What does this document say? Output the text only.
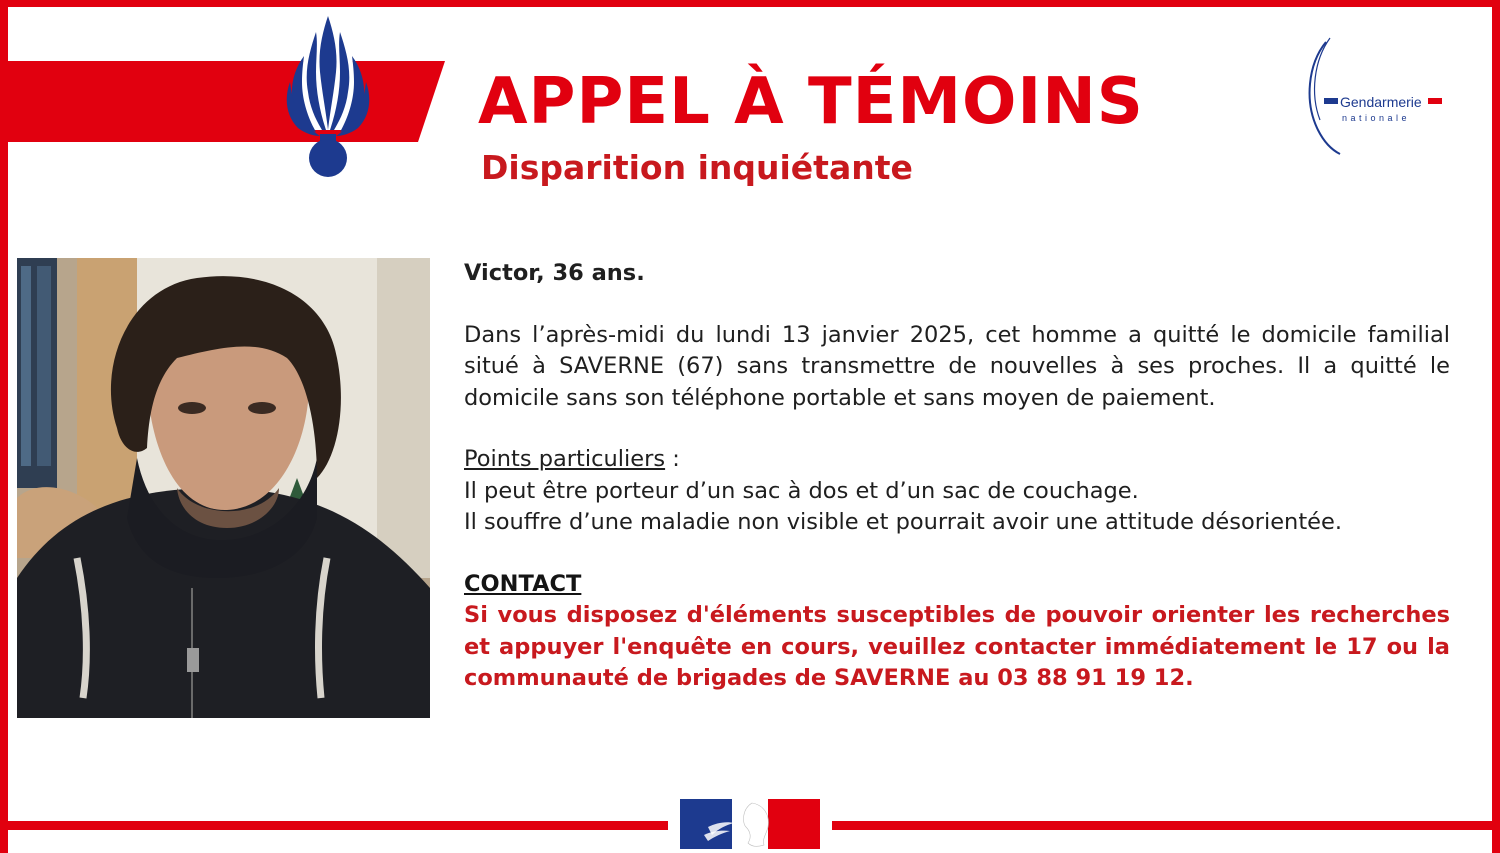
APPEL À TÉMOINS
Disparition inquiétante
Gendarmerie
nationale

Victor, 36 ans.

Dans l’après-midi du lundi 13 janvier 2025, cet homme a quitté le domicile familial situé à SAVERNE (67) sans transmettre de nouvelles à ses proches. Il a quitté le domicile sans son téléphone portable et sans moyen de paiement.

Points particuliers :

Il peut être porteur d’un sac à dos et d’un sac de couchage.

Il souffre d’une maladie non visible et pourrait avoir une attitude désorientée.

CONTACT

Si vous disposez d'éléments susceptibles de pouvoir orienter les recherches et appuyer l'enquête en cours, veuillez contacter immédiatement le 17 ou la communauté de brigades de SAVERNE au 03 88 91 19 12.
